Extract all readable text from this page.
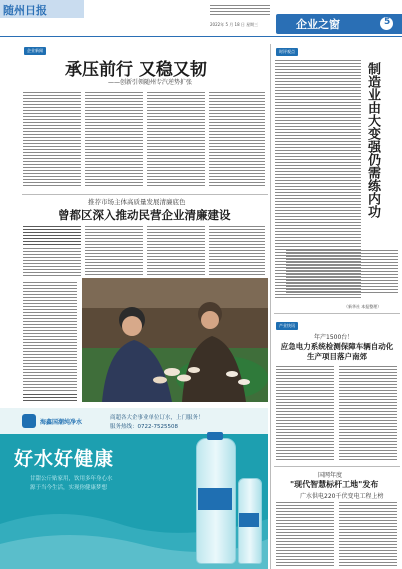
随州日报
企业之窗	5
2022年 5 月 18 日 星期三
企业新闻
承压前行 又稳又韧
——创新引领随州专汽逆势扩张
推荐市场主体高质量发展清廉底色
曾都区深入推动民营企业清廉建设
海鑫国潮纯净水
商超各大企事业单位订水，上门服务！
服务热线：0722-7525508
好水好健康
甘甜公斤贴家用，饮用多年身心水
源于当今生活，实现你健康梦想
时评观点
制造业由大变强仍需练内功
（新华社 本报整理）
产业快讯
年产1500台！
应急电力系统检测保障车辆自动化生产项目落户南郊
国网年度
"现代智慧标杆工地"发布
广水供电220千伏变电工程上榜
